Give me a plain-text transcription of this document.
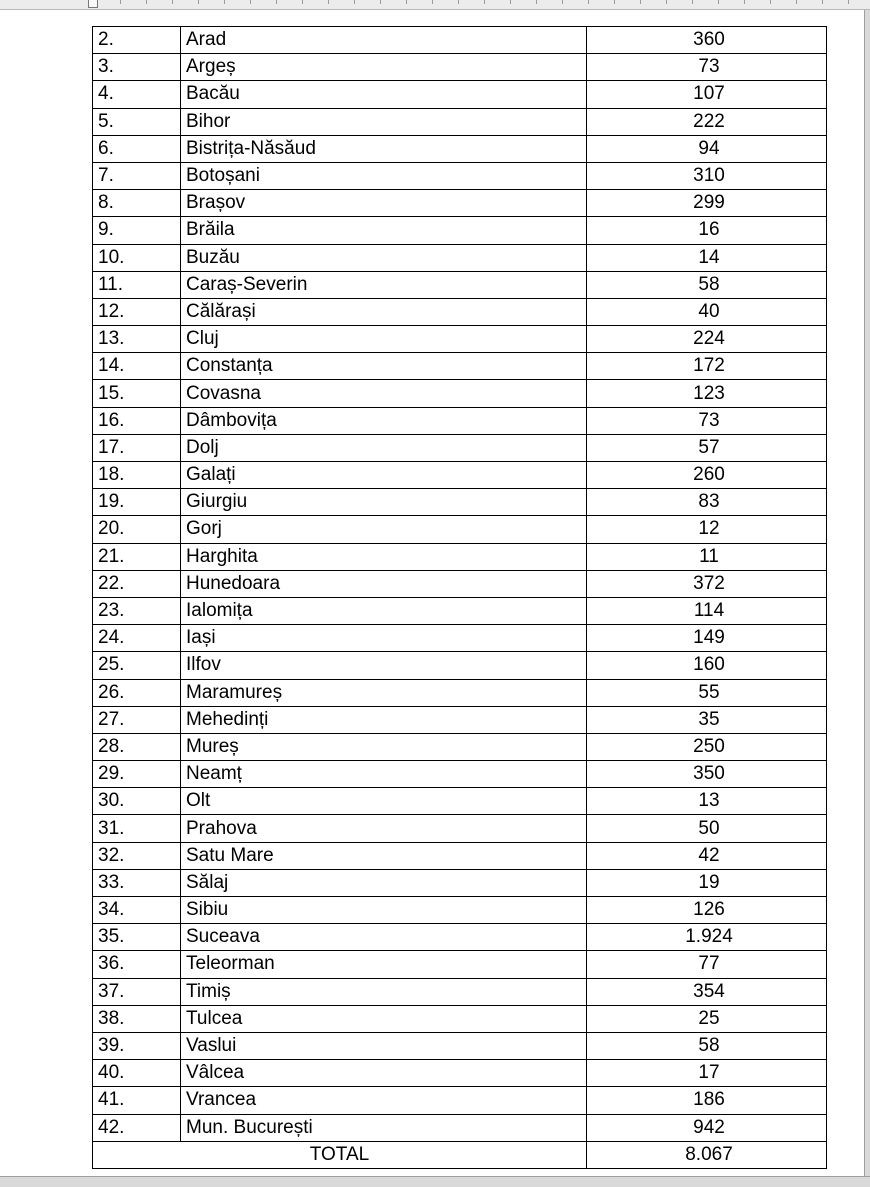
2.	Arad	360
3.	Argeș	73
4.	Bacău	107
5.	Bihor	222
6.	Bistrița-Năsăud	94
7.	Botoșani	310
8.	Brașov	299
9.	Brăila	16
10.	Buzău	14
11.	Caraș-Severin	58
12.	Călărași	40
13.	Cluj	224
14.	Constanța	172
15.	Covasna	123
16.	Dâmbovița	73
17.	Dolj	57
18.	Galați	260
19.	Giurgiu	83
20.	Gorj	12
21.	Harghita	11
22.	Hunedoara	372
23.	Ialomița	114
24.	Iași	149
25.	Ilfov	160
26.	Maramureș	55
27.	Mehedinți	35
28.	Mureș	250
29.	Neamț	350
30.	Olt	13
31.	Prahova	50
32.	Satu Mare	42
33.	Sălaj	19
34.	Sibiu	126
35.	Suceava	1.924
36.	Teleorman	77
37.	Timiș	354
38.	Tulcea	25
39.	Vaslui	58
40.	Vâlcea	17
41.	Vrancea	186
42.	Mun. București	942
TOTAL		8.067
